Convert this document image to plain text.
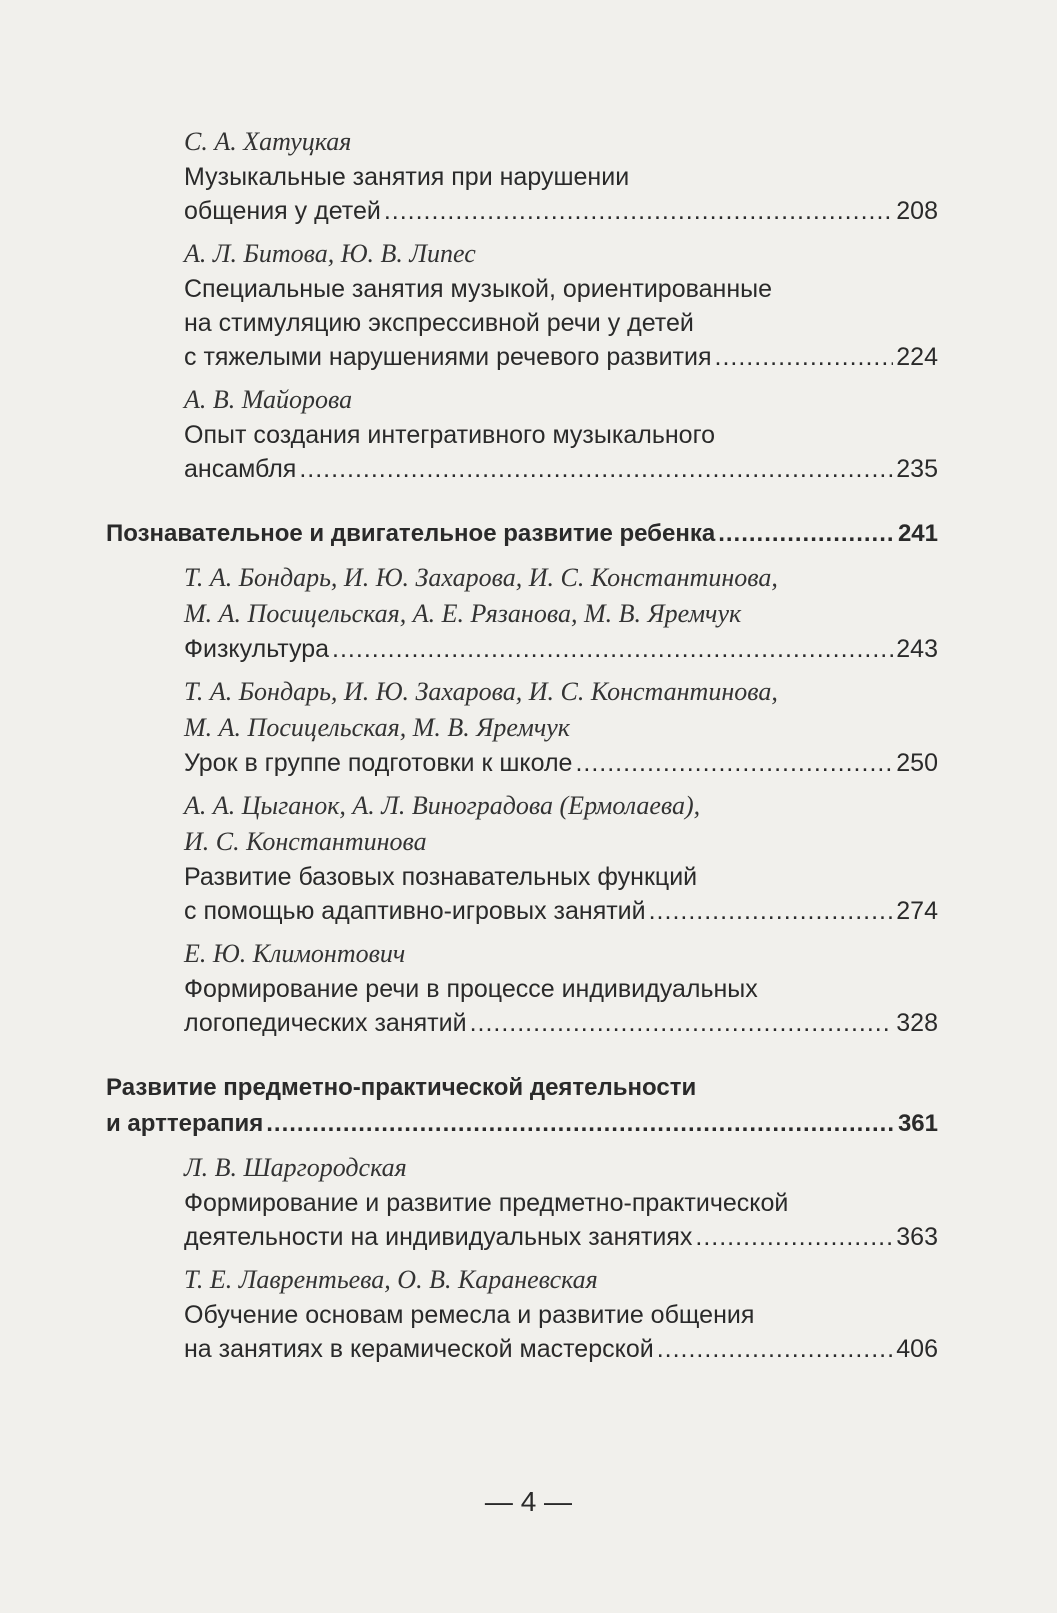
С. А. Хатуцкая
Музыкальные занятия при нарушении
общения у детей .....	208
А. Л. Битова, Ю. В. Липес
Специальные занятия музыкой, ориентированные
на стимуляцию экспрессивной речи у детей
с тяжелыми нарушениями речевого развития .....	224
А. В. Майорова
Опыт создания интегративного музыкального
ансамбля .....	235
Познавательное и двигательное развитие ребенка .....	241
Т. А. Бондарь, И. Ю. Захарова, И. С. Константинова,
М. А. Посицельская, А. Е. Рязанова, М. В. Яремчук
Физкультура .....	243
Т. А. Бондарь, И. Ю. Захарова, И. С. Константинова,
М. А. Посицельская, М. В. Яремчук
Урок в группе подготовки к школе .....	250
А. А. Цыганок, А. Л. Виноградова (Ермолаева),
И. С. Константинова
Развитие базовых познавательных функций
с помощью адаптивно-игровых занятий .....	274
Е. Ю. Климонтович
Формирование речи в процессе индивидуальных
логопедических занятий .....	328
Развитие предметно-практической деятельности
и арттерапия .....	361
Л. В. Шаргородская
Формирование и развитие предметно-практической
деятельности на индивидуальных занятиях .....	363
Т. Е. Лаврентьева, О. В. Караневская
Обучение основам ремесла и развитие общения
на занятиях в керамической мастерской .....	406
— 4 —
